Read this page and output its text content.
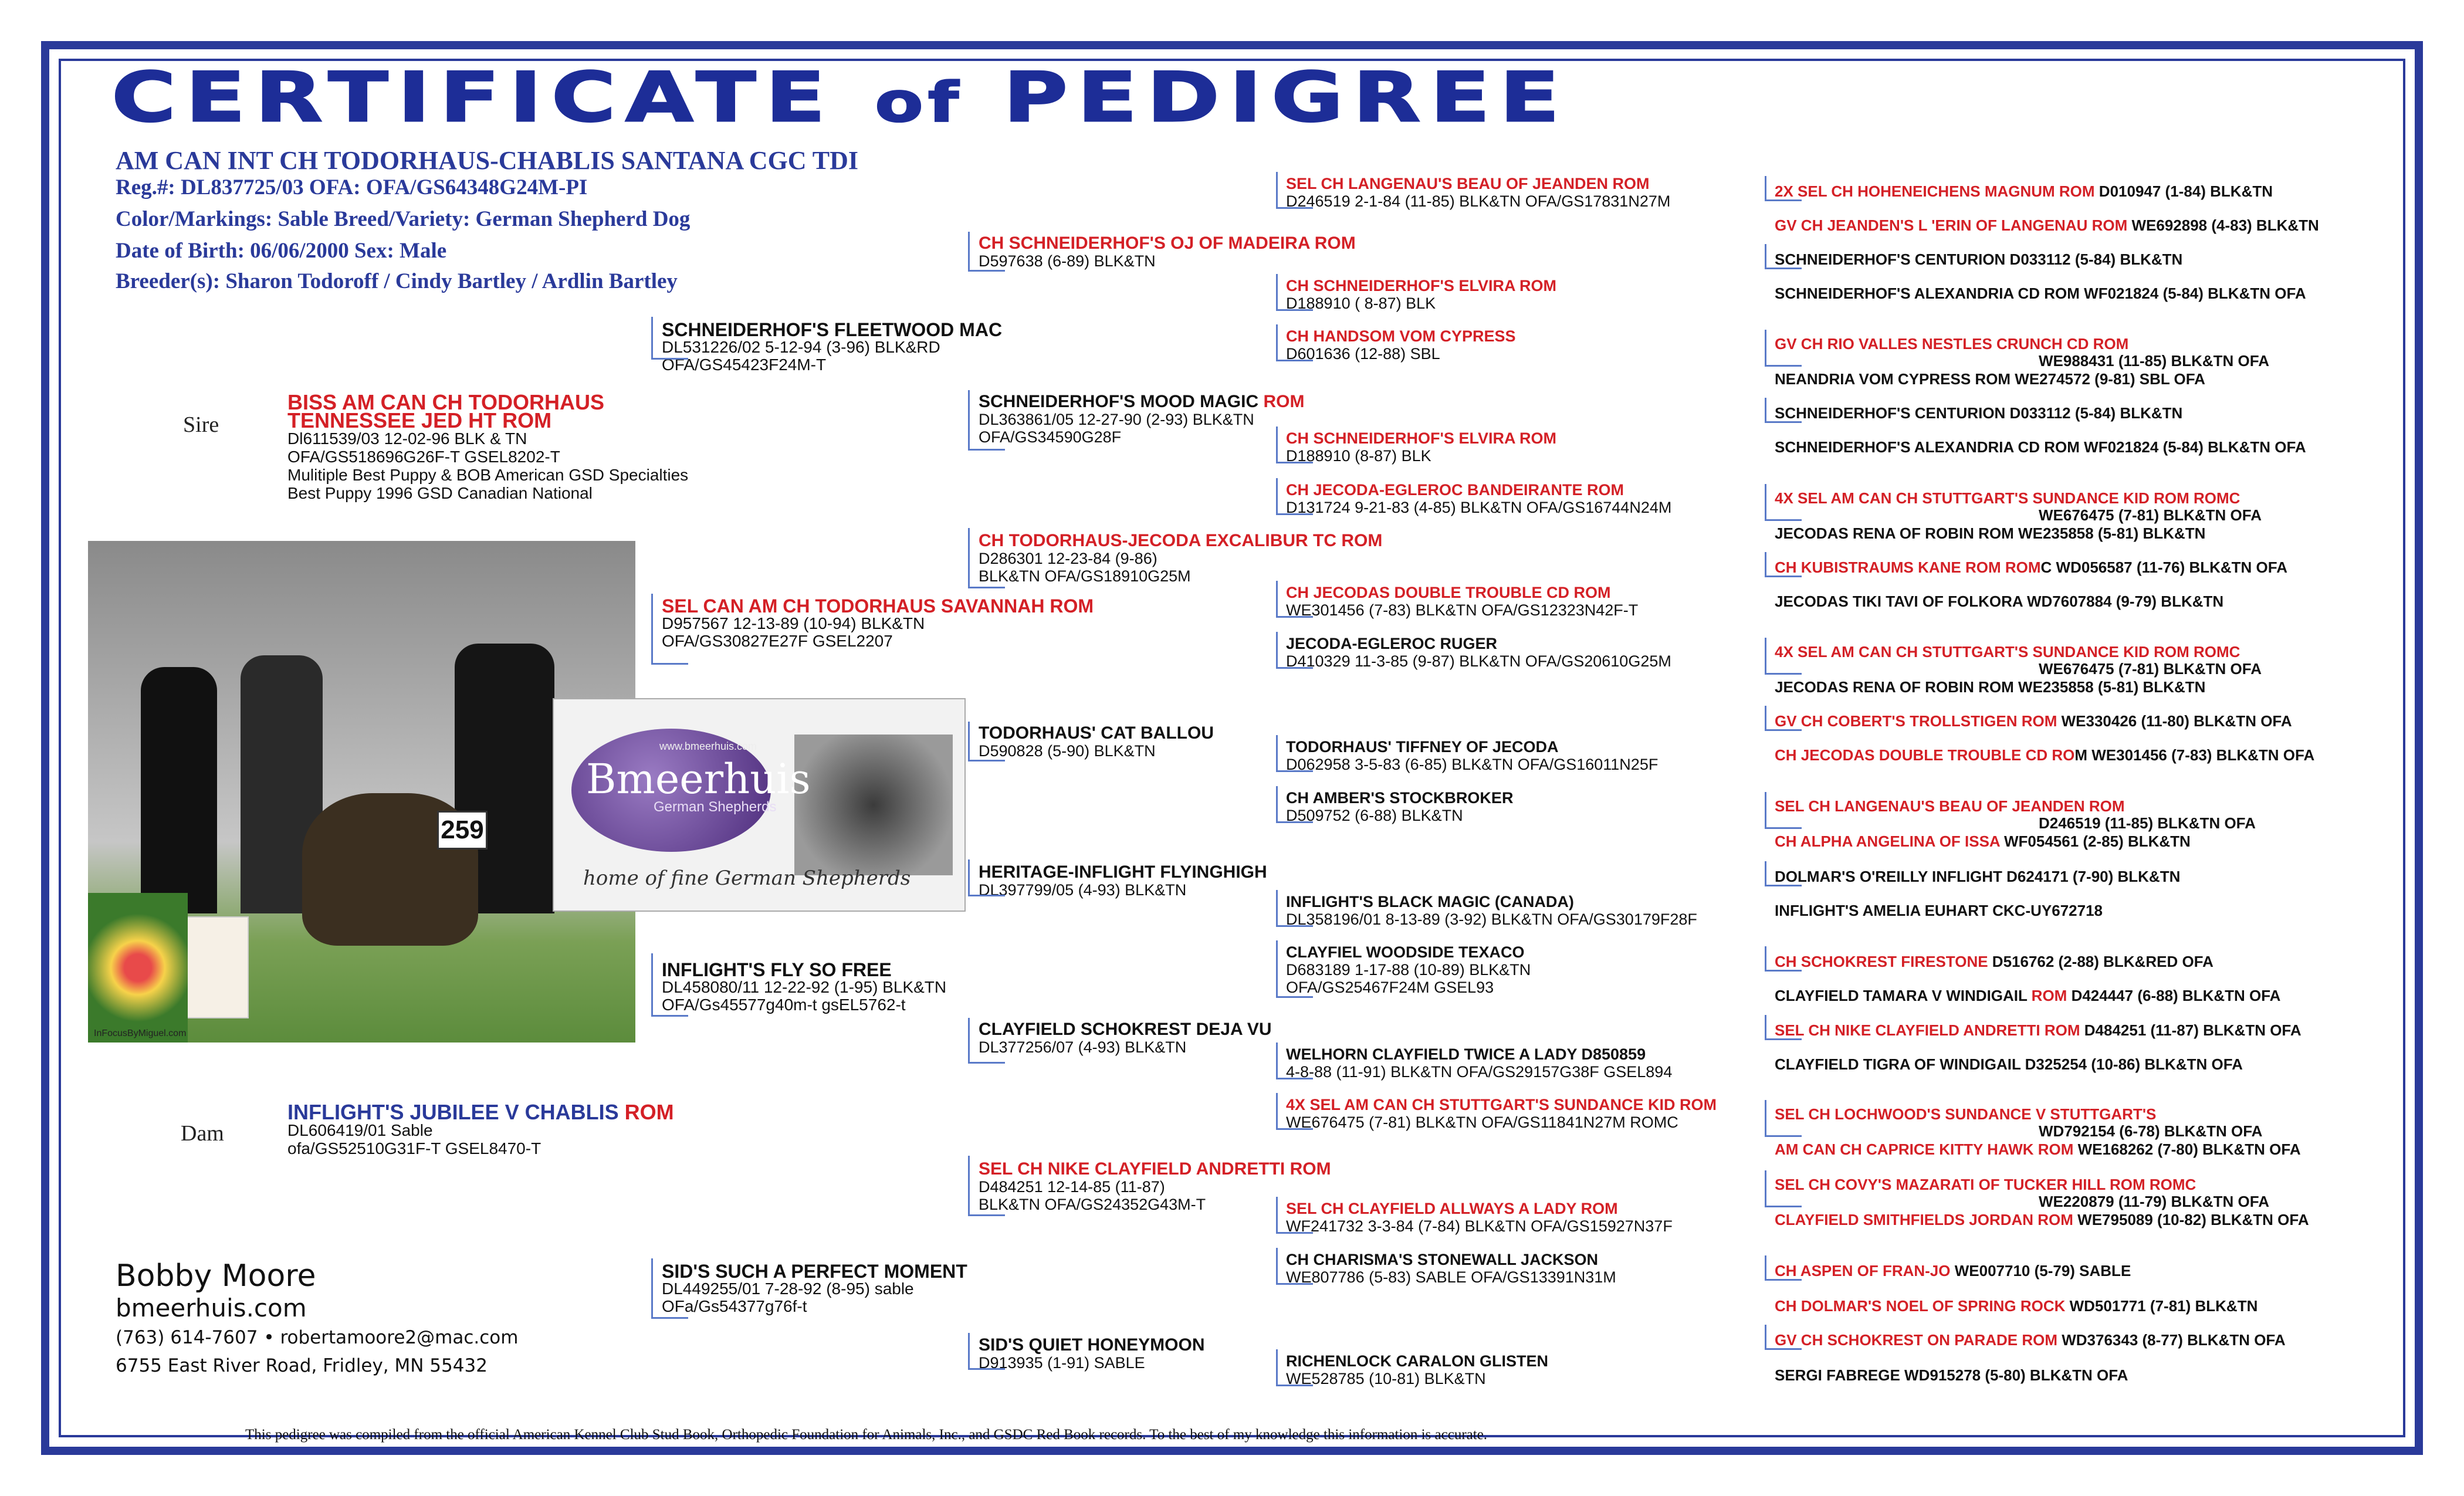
CERTIFICATE of PEDIGREE
AM CAN INT CH TODORHAUS-CHABLIS SANTANA CGC TDI
Reg.#: DL837725/03 OFA: OFA/GS64348G24M-PI
Color/Markings: Sable Breed/Variety: German Shepherd Dog
Date of Birth: 06/06/2000 Sex: Male
Breeder(s): Sharon Todoroff / Cindy Bartley / Ardlin Bartley
Sire
Dam
BISS AM CAN CH TODORHAUS
TENNESSEE JED HT ROM
Dl611539/03 12-02-96 BLK & TN
OFA/GS518696G26F-T GSEL8202-T
Mulitiple Best Puppy & BOB American GSD Specialties
Best Puppy 1996 GSD Canadian National
INFLIGHT'S JUBILEE V CHABLIS ROM
DL606419/01 Sable
ofa/GS52510G31F-T GSEL8470-T
SCHNEIDERHOF'S FLEETWOOD MAC
DL531226/02 5-12-94 (3-96) BLK&RD
OFA/GS45423F24M-T
SEL CAN AM CH TODORHAUS SAVANNAH ROM
D957567 12-13-89 (10-94) BLK&TN
OFA/GS30827E27F GSEL2207
INFLIGHT'S FLY SO FREE
DL458080/11 12-22-92 (1-95) BLK&TN
OFA/Gs45577g40m-t gsEL5762-t
SID'S SUCH A PERFECT MOMENT
DL449255/01 7-28-92 (8-95) sable
OFa/Gs54377g76f-t
CH SCHNEIDERHOF'S OJ OF MADEIRA ROM
D597638 (6-89) BLK&TN
SCHNEIDERHOF'S MOOD MAGIC ROM
DL363861/05 12-27-90 (2-93) BLK&TN
OFA/GS34590G28F
CH TODORHAUS-JECODA EXCALIBUR TC ROM
D286301 12-23-84 (9-86)
BLK&TN OFA/GS18910G25M
TODORHAUS' CAT BALLOU
D590828 (5-90) BLK&TN
HERITAGE-INFLIGHT FLYINGHIGH
DL397799/05 (4-93) BLK&TN
CLAYFIELD SCHOKREST DEJA VU
DL377256/07 (4-93) BLK&TN
SEL CH NIKE CLAYFIELD ANDRETTI ROM
D484251 12-14-85 (11-87)
BLK&TN OFA/GS24352G43M-T
SID'S QUIET HONEYMOON
D913935 (1-91) SABLE
SEL CH LANGENAU'S BEAU OF JEANDEN ROM
D246519 2-1-84 (11-85) BLK&TN OFA/GS17831N27M
CH SCHNEIDERHOF'S ELVIRA ROM
D188910 ( 8-87) BLK
CH HANDSOM VOM CYPRESS
D601636 (12-88) SBL
CH SCHNEIDERHOF'S ELVIRA ROM
D188910 (8-87) BLK
CH JECODA-EGLEROC BANDEIRANTE ROM
D131724 9-21-83 (4-85) BLK&TN OFA/GS16744N24M
CH JECODAS DOUBLE TROUBLE CD ROM
WE301456 (7-83) BLK&TN OFA/GS12323N42F-T
JECODA-EGLEROC RUGER
D410329 11-3-85 (9-87) BLK&TN OFA/GS20610G25M
TODORHAUS' TIFFNEY OF JECODA
D062958 3-5-83 (6-85) BLK&TN OFA/GS16011N25F
CH AMBER'S STOCKBROKER
D509752 (6-88) BLK&TN
INFLIGHT'S BLACK MAGIC (CANADA)
DL358196/01 8-13-89 (3-92) BLK&TN OFA/GS30179F28F
CLAYFIEL WOODSIDE TEXACO
D683189 1-17-88 (10-89) BLK&TN
OFA/GS25467F24M GSEL93
WELHORN CLAYFIELD TWICE A LADY D850859
4-8-88 (11-91) BLK&TN OFA/GS29157G38F GSEL894
4X SEL AM CAN CH STUTTGART'S SUNDANCE KID ROM
WE676475 (7-81) BLK&TN OFA/GS11841N27M ROMC
SEL CH CLAYFIELD ALLWAYS A LADY ROM
WF241732 3-3-84 (7-84) BLK&TN OFA/GS15927N37F
CH CHARISMA'S STONEWALL JACKSON
WE807786 (5-83) SABLE OFA/GS13391N31M
RICHENLOCK CARALON GLISTEN
WE528785 (10-81) BLK&TN
2X SEL CH HOHENEICHENS MAGNUM ROM D010947 (1-84) BLK&TN
GV CH JEANDEN'S L 'ERIN OF LANGENAU ROM WE692898 (4-83) BLK&TN
SCHNEIDERHOF'S CENTURION D033112 (5-84) BLK&TN
SCHNEIDERHOF'S ALEXANDRIA CD ROM WF021824 (5-84) BLK&TN OFA
GV CH RIO VALLES NESTLES CRUNCH CD ROM
WE988431 (11-85) BLK&TN OFA
NEANDRIA VOM CYPRESS ROM WE274572 (9-81) SBL OFA
SCHNEIDERHOF'S CENTURION D033112 (5-84) BLK&TN
SCHNEIDERHOF'S ALEXANDRIA CD ROM WF021824 (5-84) BLK&TN OFA
4X SEL AM CAN CH STUTTGART'S SUNDANCE KID ROM ROMC
WE676475 (7-81) BLK&TN OFA
JECODAS RENA OF ROBIN ROM WE235858 (5-81) BLK&TN
CH KUBISTRAUMS KANE ROM ROMC WD056587 (11-76) BLK&TN OFA
JECODAS TIKI TAVI OF FOLKORA WD7607884 (9-79) BLK&TN
4X SEL AM CAN CH STUTTGART'S SUNDANCE KID ROM ROMC
WE676475 (7-81) BLK&TN OFA
JECODAS RENA OF ROBIN ROM WE235858 (5-81) BLK&TN
GV CH COBERT'S TROLLSTIGEN ROM WE330426 (11-80) BLK&TN OFA
CH JECODAS DOUBLE TROUBLE CD ROM WE301456 (7-83) BLK&TN OFA
SEL CH LANGENAU'S BEAU OF JEANDEN ROM
D246519 (11-85) BLK&TN OFA
CH ALPHA ANGELINA OF ISSA WF054561 (2-85) BLK&TN
DOLMAR'S O'REILLY INFLIGHT D624171 (7-90) BLK&TN
INFLIGHT'S AMELIA EUHART CKC-UY672718
CH SCHOKREST FIRESTONE D516762 (2-88) BLK&RED OFA
CLAYFIELD TAMARA V WINDIGAIL ROM D424447 (6-88) BLK&TN OFA
SEL CH NIKE CLAYFIELD ANDRETTI ROM D484251 (11-87) BLK&TN OFA
CLAYFIELD TIGRA OF WINDIGAIL D325254 (10-86) BLK&TN OFA
SEL CH LOCHWOOD'S SUNDANCE V STUTTGART'S
WD792154 (6-78) BLK&TN OFA
AM CAN CH CAPRICE KITTY HAWK ROM WE168262 (7-80) BLK&TN OFA
SEL CH COVY'S MAZARATI OF TUCKER HILL ROM ROMC
WE220879 (11-79) BLK&TN OFA
CLAYFIELD SMITHFIELDS JORDAN ROM WE795089 (10-82) BLK&TN OFA
CH ASPEN OF FRAN-JO WE007710 (5-79) SABLE
CH DOLMAR'S NOEL OF SPRING ROCK WD501771 (7-81) BLK&TN
GV CH SCHOKREST ON PARADE ROM WD376343 (8-77) BLK&TN OFA
SERGI FABREGE WD915278 (5-80) BLK&TN OFA
259
InFocusByMiguel.com
Bmeerhuis
German Shepherds
www.bmeerhuis.com
home of fine German Shepherds
Bobby Moore
bmeerhuis.com
(763) 614-7607 • robertamoore2@mac.com
6755 East River Road, Fridley, MN 55432
This pedigree was compiled from the official American Kennel Club Stud Book, Orthopedic Foundation for Animals, Inc., and GSDC Red Book records. To the best of my knowledge this information is accurate.
